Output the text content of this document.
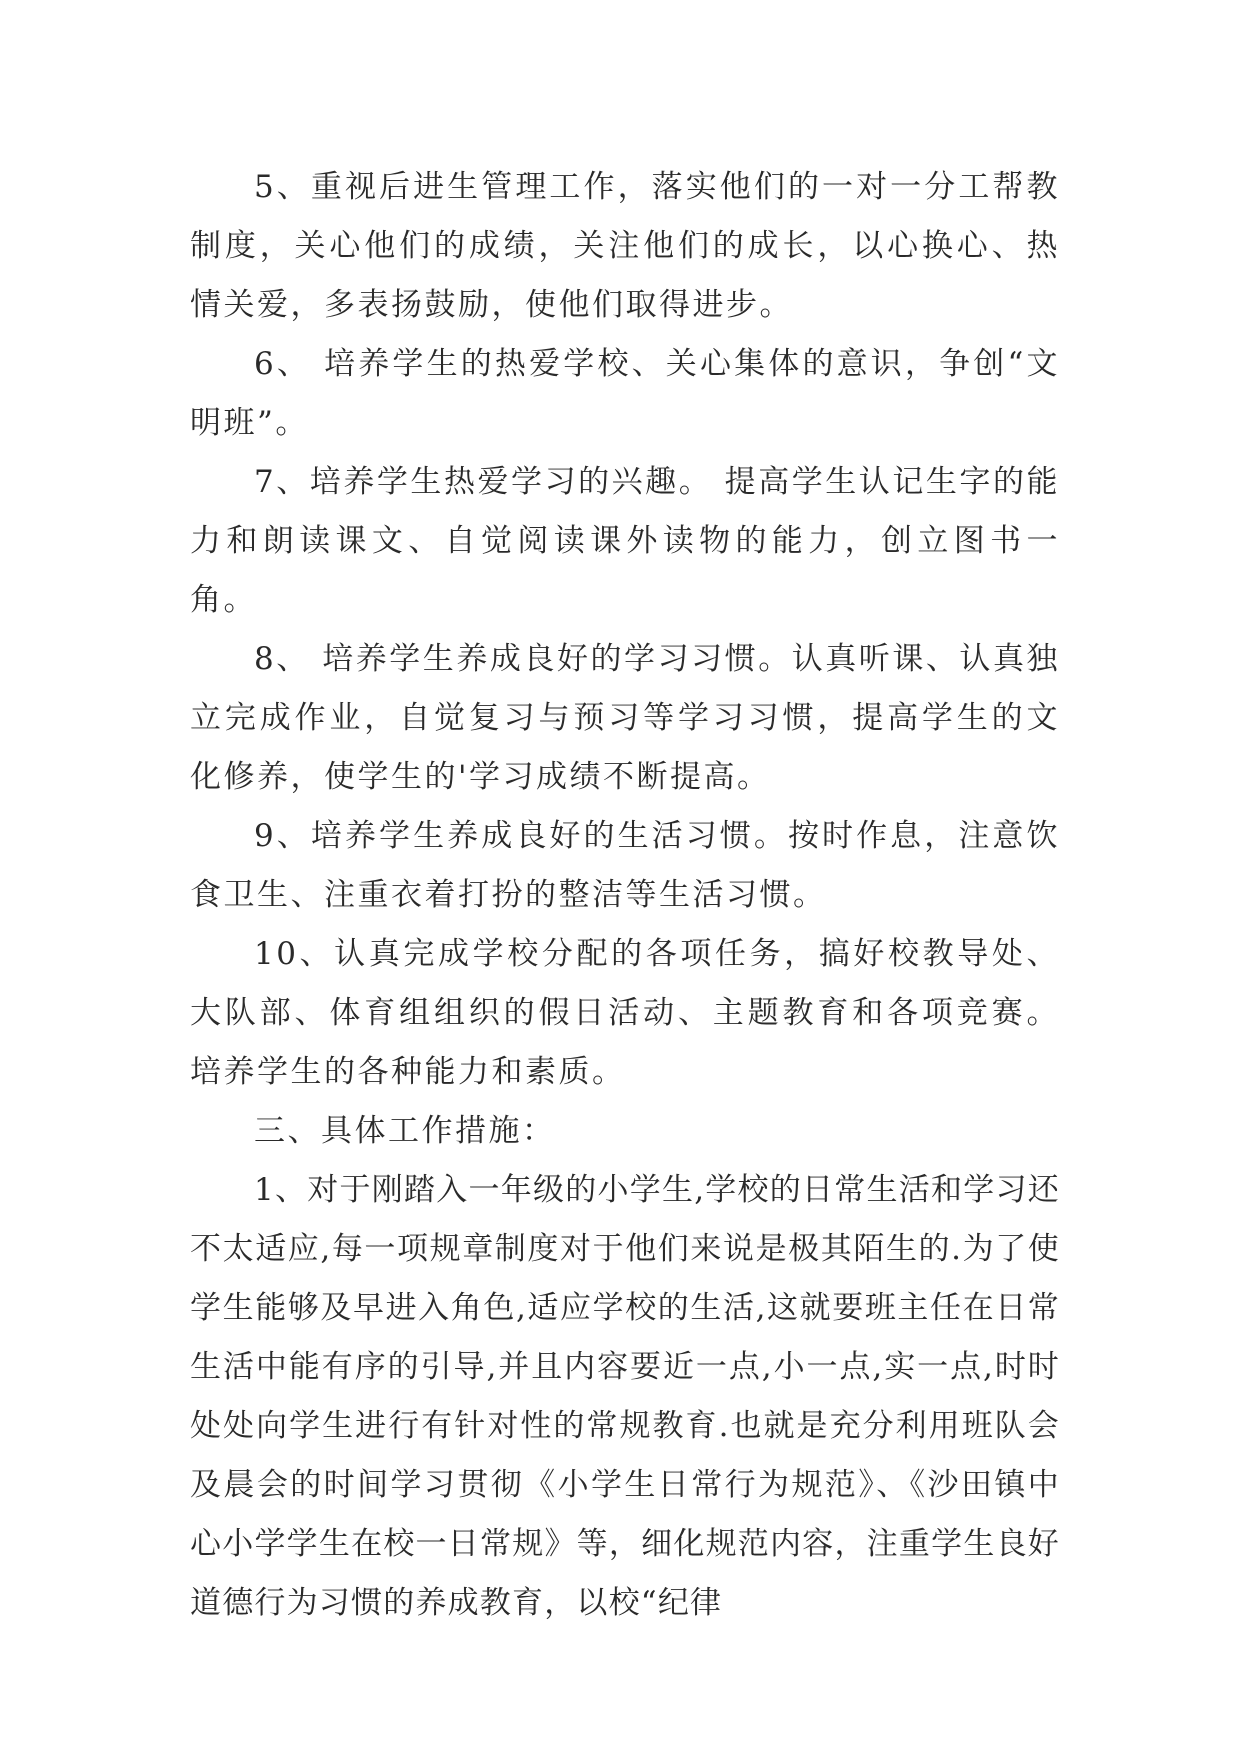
5、重视后进生管理工作，落实他们的一对一分工帮教制度，关心他们的成绩，关注他们的成长，以心换心、热情关爱，多表扬鼓励，使他们取得进步。

6、 培养学生的热爱学校、关心集体的意识，争创“文明班”。

7、培养学生热爱学习的兴趣。 提高学生认记生字的能力和朗读课文、自觉阅读课外读物的能力，创立图书一角。

8、 培养学生养成良好的学习习惯。认真听课、认真独立完成作业，自觉复习与预习等学习习惯，提高学生的文化修养，使学生的'学习成绩不断提高。

9、培养学生养成良好的生活习惯。按时作息，注意饮食卫生、注重衣着打扮的整洁等生活习惯。

10、认真完成学校分配的各项任务，搞好校教导处、大队部、体育组组织的假日活动、主题教育和各项竞赛。培养学生的各种能力和素质。

三、具体工作措施：

1、对于刚踏入一年级的小学生,学校的日常生活和学习还不太适应,每一项规章制度对于他们来说是极其陌生的.为了使学生能够及早进入角色,适应学校的生活,这就要班主任在日常生活中能有序的引导,并且内容要近一点,小一点,实一点,时时处处向学生进行有针对性的常规教育.也就是充分利用班队会及晨会的时间学习贯彻《小学生日常行为规范》、《沙田镇中心小学学生在校一日常规》等，细化规范内容，注重学生良好道德行为习惯的养成教育，以校“纪律
